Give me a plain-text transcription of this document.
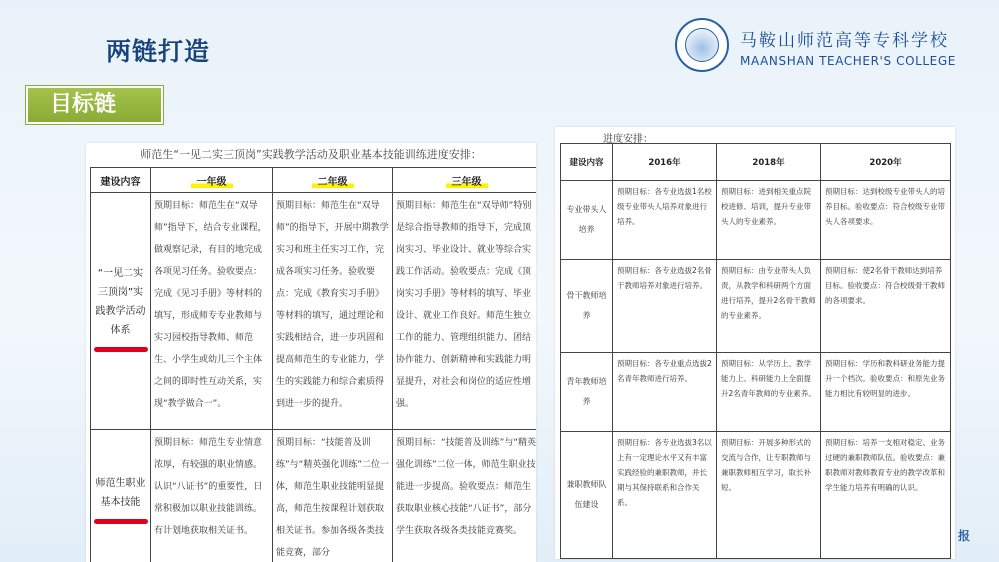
两链打造	马鞍山师范高等专科学校
MAANSHAN TEACHER'S COLLEGE
目标链
师范生“一见二实三顶岗”实践教学活动及职业基本技能训练进度安排：
建设内容	一年级	二年级	三年级

“一见二实三顶岗”实践教学活动体系	预期目标：师范生在“双导师”指导下，结合专业课程，做观察记录，有目的地完成各项见习任务。验收要点：完成《见习手册》等材料的填写，形成师专专业教师与实习园校指导教师、师范生、小学生或幼儿三个主体之间的即时性互动关系，实现“教学做合一”。	预期目标：师范生在“双导师”的指导下，开展中期教学实习和班主任实习工作，完成各项实习任务。验收要点：完成《教育实习手册》等材料的填写，通过理论和实践相结合，进一步巩固和提高师范生的专业能力，学生的实践能力和综合素质得到进一步的提升。	预期目标：师范生在“双导师”特别是综合指导教师的指导下，完成顶岗实习、毕业设计、就业等综合实践工作活动。验收要点：完成《顶岗实习手册》等材料的填写、毕业设计、就业工作良好。师范生独立工作的能力、管理组织能力、团结协作能力、创新精神和实践能力明显提升，对社会和岗位的适应性增强。

师范生职业基本技能	预期目标：师范生专业情意浓厚，有较强的职业情感。认识“八证书”的重要性，日常积极加以职业技能训练。有计划地获取相关证书。	预期目标：“技能普及训练”与“精英强化训练”二位一体，师范生职业技能明显提高，师范生按课程计划获取相关证书。参加各级各类技能竞赛，部分	预期目标：“技能普及训练”与“精英强化训练”二位一体，师范生职业技能进一步提高。验收要点：师范生获取职业核心技能“八证书”，部分学生获取各级各类技能竞赛奖。
进度安排：
建设内容	2016年	2018年	2020年
专业带头人培养	预期目标：各专业选拔1名校级专业带头人培养对象进行培养。	预期目标：进到相关重点院校进修、培训，提升专业带头人的专业素养。	预期目标：达到校级专业带头人的培养目标。验收要点：符合校级专业带头人各项要求。
骨干教师培养	预期目标：各专业选拔2名骨干教师培养对象进行培养。	预期目标：由专业带头人负责，从教学和科研两个方面进行培养，提升2名骨干教师的专业素养。	预期目标：使2名骨干教师达到培养目标。验收要点：符合校级骨干教师的各项要求。
青年教师培养	预期目标：各专业重点选拔2名青年教师进行培养。	预期目标：从学历上、教学能力上、科研能力上全面提升2名青年教师的专业素养。	预期目标：学历和教科研业务能力提升一个档次。验收要点：和原先业务能力相比有较明显的进步。
兼职教师队伍建设	预期目标：各专业选拔3名以上有一定理论水平又有丰富实践经验的兼职教师，并长期与其保持联系和合作关系。	预期目标：开展多种形式的交流与合作，让专职教师与兼职教师相互学习，取长补短。	预期目标：培养一支相对稳定、业务过硬的兼职教师队伍。验收要点：兼职教师对教师教育专业的教学改革和学生能力培养有明确的认识。
报
